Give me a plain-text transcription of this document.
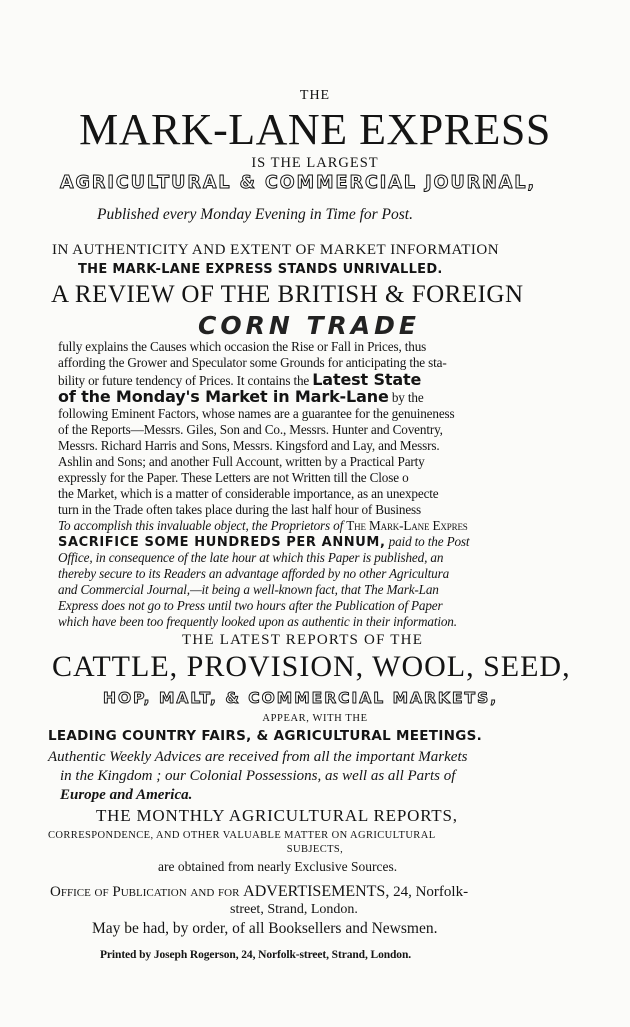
THE
MARK-LANE EXPRESS
IS THE LARGEST
AGRICULTURAL & COMMERCIAL JOURNAL,
Published every Monday Evening in Time for Post.
IN AUTHENTICITY AND EXTENT OF MARKET INFORMATION
THE MARK-LANE EXPRESS STANDS UNRIVALLED.
A REVIEW OF THE BRITISH & FOREIGN
CORN TRADE
fully explains the Causes which occasion the Rise or Fall in Prices, thus
affording the Grower and Speculator some Grounds for anticipating the sta-
bility or future tendency of Prices. It contains the Latest State
of the Monday's Market in Mark-Lane by the
following Eminent Factors, whose names are a guarantee for the genuineness
of the Reports—Messrs. Giles, Son and Co., Messrs. Hunter and Coventry,
Messrs. Richard Harris and Sons, Messrs. Kingsford and Lay, and Messrs.
Ashlin and Sons; and another Full Account, written by a Practical Party
expressly for the Paper. These Letters are not Written till the Close o
the Market, which is a matter of considerable importance, as an unexpecte
turn in the Trade often takes place during the last half hour of Business
To accomplish this invaluable object, the Proprietors of The Mark-Lane Expres
SACRIFICE SOME HUNDREDS PER ANNUM, paid to the Post
Office, in consequence of the late hour at which this Paper is published, an
thereby secure to its Readers an advantage afforded by no other Agricultura
and Commercial Journal,—it being a well-known fact, that The Mark-Lan
Express does not go to Press until two hours after the Publication of Paper
which have been too frequently looked upon as authentic in their information.
THE LATEST REPORTS OF THE
CATTLE, PROVISION, WOOL, SEED,
HOP, MALT, & COMMERCIAL MARKETS,
APPEAR, WITH THE
LEADING COUNTRY FAIRS, & AGRICULTURAL MEETINGS.
Authentic Weekly Advices are received from all the important Markets
in the Kingdom ; our Colonial Possessions, as well as all Parts of
Europe and America.
THE MONTHLY AGRICULTURAL REPORTS,
CORRESPONDENCE, AND OTHER VALUABLE MATTER ON AGRICULTURAL
SUBJECTS,
are obtained from nearly Exclusive Sources.
Office of Publication and for ADVERTISEMENTS, 24, Norfolk-
street, Strand, London.
May be had, by order, of all Booksellers and Newsmen.
Printed by Joseph Rogerson, 24, Norfolk-street, Strand, London.
